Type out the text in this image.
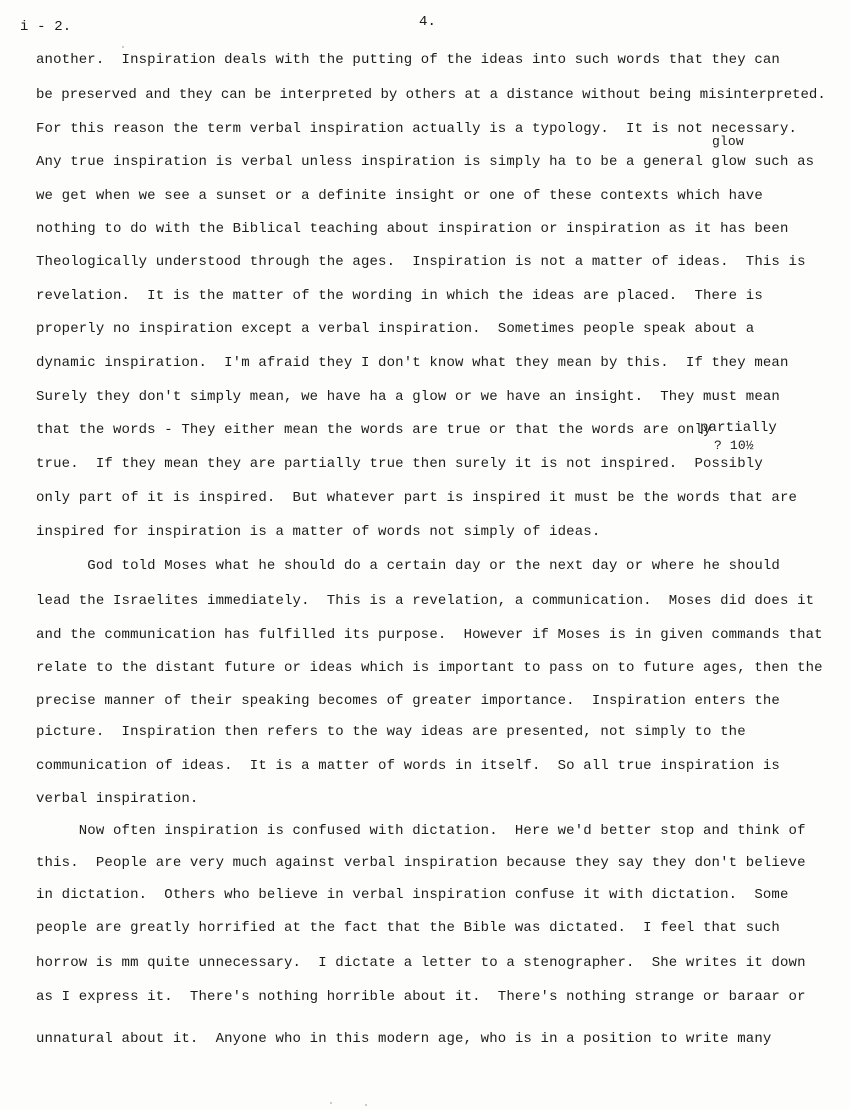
i - 2.	4.
glow
partially
? 10½
another.  Inspiration deals with the putting of the ideas into such words that they can
be preserved and they can be interpreted by others at a distance without being misinterpreted.
For this reason the term verbal inspiration actually is a typology.  It is not necessary.
Any true inspiration is verbal unless inspiration is simply ha to be a general glow such as
we get when we see a sunset or a definite insight or one of these contexts which have
nothing to do with the Biblical teaching about inspiration or inspiration as it has been
Theologically understood through the ages.  Inspiration is not a matter of ideas.  This is
revelation.  It is the matter of the wording in which the ideas are placed.  There is
properly no inspiration except a verbal inspiration.  Sometimes people speak about a
dynamic inspiration.  I'm afraid they I don't know what they mean by this.  If they mean
Surely they don't simply mean, we have ha a glow or we have an insight.  They must mean
that the words - They either mean the words are true or that the words are only
true.  If they mean they are partially true then surely it is not inspired.  Possibly
only part of it is inspired.  But whatever part is inspired it must be the words that are
inspired for inspiration is a matter of words not simply of ideas.
God told Moses what he should do a certain day or the next day or where he should
lead the Israelites immediately.  This is a revelation, a communication.  Moses did does it
and the communication has fulfilled its purpose.  However if Moses is in given commands that
relate to the distant future or ideas which is important to pass on to future ages, then the
precise manner of their speaking becomes of greater importance.  Inspiration enters the
picture.  Inspiration then refers to the way ideas are presented, not simply to the
communication of ideas.  It is a matter of words in itself.  So all true inspiration is
verbal inspiration.
Now often inspiration is confused with dictation.  Here we'd better stop and think of
this.  People are very much against verbal inspiration because they say they don't believe
in dictation.  Others who believe in verbal inspiration confuse it with dictation.  Some
people are greatly horrified at the fact that the Bible was dictated.  I feel that such
horrow is mm quite unnecessary.  I dictate a letter to a stenographer.  She writes it down
as I express it.  There's nothing horrible about it.  There's nothing strange or baraar or
unnatural about it.  Anyone who in this modern age, who is in a position to write many
